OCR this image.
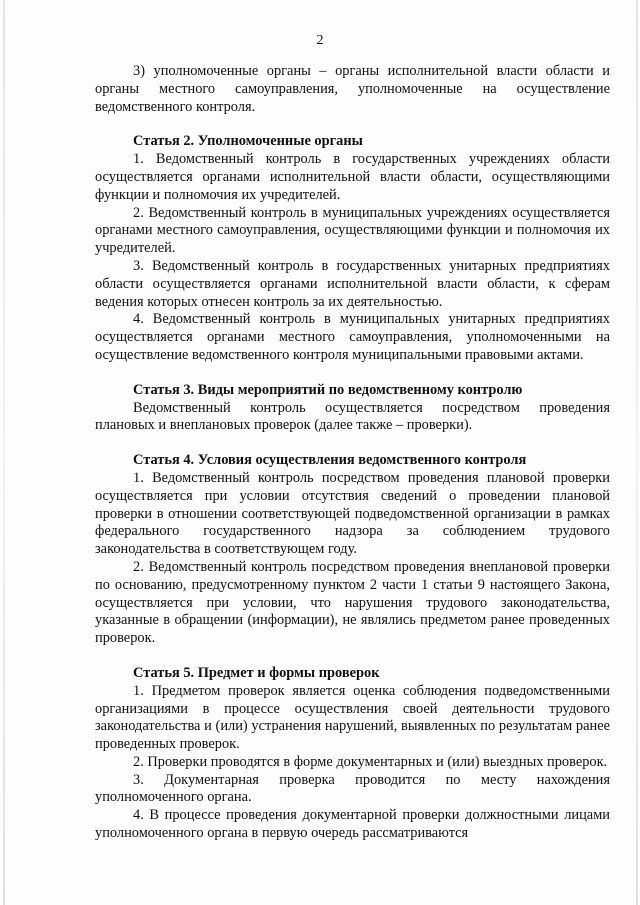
2

3) уполномоченные органы – органы исполнительной власти области и органы местного самоуправления, уполномоченные на осуществление ведомственного контроля.

Статья 2. Уполномоченные органы

1. Ведомственный контроль в государственных учреждениях области осуществляется органами исполнительной власти области, осуществляющими функции и полномочия их учредителей.

2. Ведомственный контроль в муниципальных учреждениях осуществляется органами местного самоуправления, осуществляющими функции и полномочия их учредителей.

3. Ведомственный контроль в государственных унитарных предприятиях области осуществляется органами исполнительной власти области, к сферам ведения которых отнесен контроль за их деятельностью.

4. Ведомственный контроль в муниципальных унитарных предприятиях осуществляется органами местного самоуправления, уполномоченными на осуществление ведомственного контроля муниципальными правовыми актами.

Статья 3. Виды мероприятий по ведомственному контролю

Ведомственный контроль осуществляется посредством проведения плановых и внеплановых проверок (далее также – проверки).

Статья 4. Условия осуществления ведомственного контроля

1. Ведомственный контроль посредством проведения плановой проверки осуществляется при условии отсутствия сведений о проведении плановой проверки в отношении соответствующей подведомственной организации в рамках федерального государственного надзора за соблюдением трудового законодательства в соответствующем году.

2. Ведомственный контроль посредством проведения внеплановой проверки по основанию, предусмотренному пунктом 2 части 1 статьи 9 настоящего Закона, осуществляется при условии, что нарушения трудового законодательства, указанные в обращении (информации), не являлись предметом ранее проведенных проверок.

Статья 5. Предмет и формы проверок

1. Предметом проверок является оценка соблюдения подведомственными организациями в процессе осуществления своей деятельности трудового законодательства и (или) устранения нарушений, выявленных по результатам ранее проведенных проверок.

2. Проверки проводятся в форме документарных и (или) выездных проверок.

3. Документарная проверка проводится по месту нахождения уполномоченного органа.

4. В процессе проведения документарной проверки должностными лицами уполномоченного органа в первую очередь рассматриваются
